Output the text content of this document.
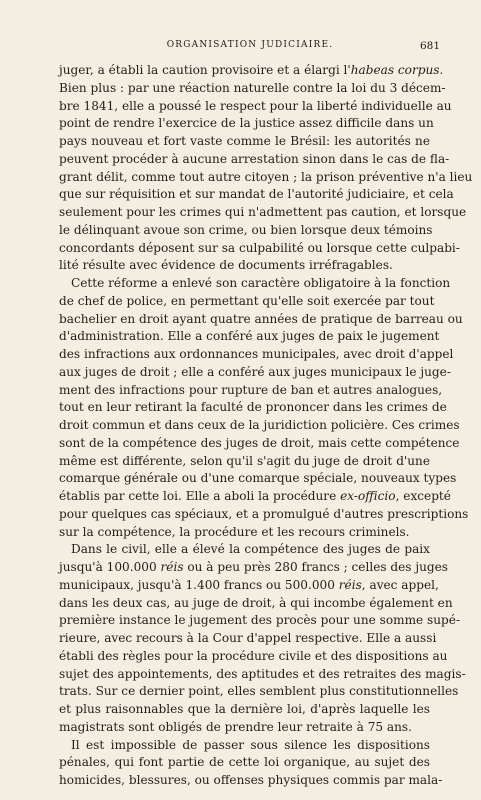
ORGANISATION JUDICIAIRE.	681
juger, a établi la caution provisoire et a élargi l'habeas corpus.
Bien plus : par une réaction naturelle contre la loi du 3 décem-
bre 1841, elle a poussé le respect pour la liberté individuelle au
point de rendre l'exercice de la justice assez difficile dans un
pays nouveau et fort vaste comme le Brésil: les autorités ne
peuvent procéder à aucune arrestation sinon dans le cas de fla-
grant délit, comme tout autre citoyen ; la prison préventive n'a lieu
que sur réquisition et sur mandat de l'autorité judiciaire, et cela
seulement pour les crimes qui n'admettent pas caution, et lorsque
le délinquant avoue son crime, ou bien lorsque deux témoins
concordants déposent sur sa culpabilité ou lorsque cette culpabi-
lité résulte avec évidence de documents irréfragables.
Cette réforme a enlevé son caractère obligatoire à la fonction
de chef de police, en permettant qu'elle soit exercée par tout
bachelier en droit ayant quatre années de pratique de barreau ou
d'administration. Elle a conféré aux juges de paix le jugement
des infractions aux ordonnances municipales, avec droit d'appel
aux juges de droit ; elle a conféré aux juges municipaux le juge-
ment des infractions pour rupture de ban et autres analogues,
tout en leur retirant la faculté de prononcer dans les crimes de
droit commun et dans ceux de la juridiction policière. Ces crimes
sont de la compétence des juges de droit, mais cette compétence
même est différente, selon qu'il s'agit du juge de droit d'une
comarque générale ou d'une comarque spéciale, nouveaux types
établis par cette loi. Elle a aboli la procédure ex-officio, excepté
pour quelques cas spéciaux, et a promulgué d'autres prescriptions
sur la compétence, la procédure et les recours criminels.
Dans le civil, elle a élevé la compétence des juges de paix
jusqu'à 100.000 réis ou à peu près 280 francs ; celles des juges
municipaux, jusqu'à 1.400 francs ou 500.000 réis, avec appel,
dans les deux cas, au juge de droit, à qui incombe également en
première instance le jugement des procès pour une somme supé-
rieure, avec recours à la Cour d'appel respective. Elle a aussi
établi des règles pour la procédure civile et des dispositions au
sujet des appointements, des aptitudes et des retraites des magis-
trats. Sur ce dernier point, elles semblent plus constitutionnelles
et plus raisonnables que la dernière loi, d'après laquelle les
magistrats sont obligés de prendre leur retraite à 75 ans.
Il est impossible de passer sous silence les dispositions
pénales, qui font partie de cette loi organique, au sujet des
homicides, blessures, ou offenses physiques commis par mala-
